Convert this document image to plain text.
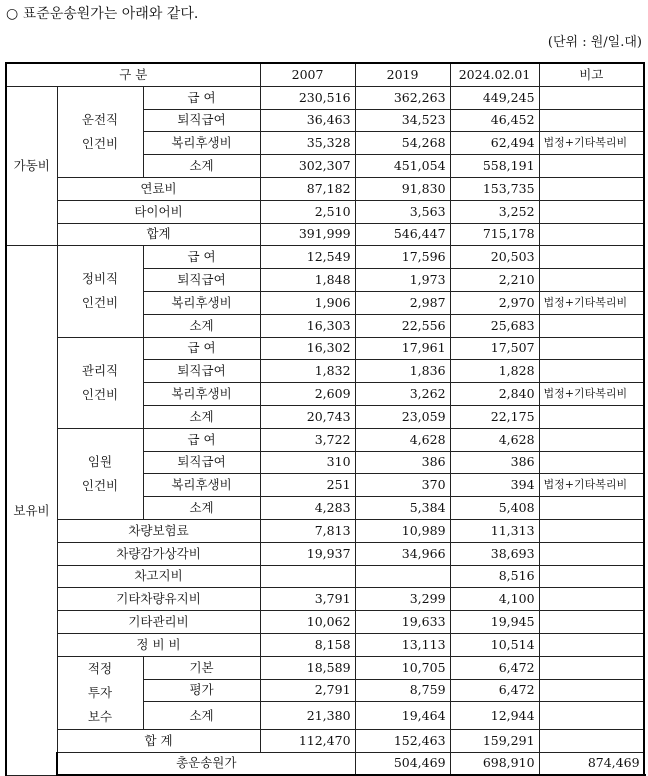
○ 표준운송원가는 아래와 같다.
(단위 : 원/일.대)
구 분			2007	2019	2024.02.01	비고	
가동비	운전직
인건비	급 여	230,516	362,263	449,245		
		퇴직급여	36,463	34,523	46,452		
		복리후생비	35,328	54,268	62,494	법정+기타복리비	
		소계	302,307	451,054	558,191		
	연료비		87,182	91,830	153,735		
	타이어비		2,510	3,563	3,252		
	합계		391,999	546,447	715,178		
보유비	정비직
인건비	급 여	12,549	17,596	20,503		
		퇴직급여	1,848	1,973	2,210		
		복리후생비	1,906	2,987	2,970	법정+기타복리비	
		소계	16,303	22,556	25,683		

	관리직
인건비	급 여	16,302	17,961	17,507		
		퇴직급여	1,832	1,836	1,828		
		복리후생비	2,609	3,262	2,840	법정+기타복리비	
		소계	20,743	23,059	22,175		

	임원
인건비	급 여	3,722	4,628	4,628		
		퇴직급여	310	386	386		
		복리후생비	251	370	394	법정+기타복리비	
		소계	4,283	5,384	5,408		
	차량보험료		7,813	10,989	11,313		
	차량감가상각비		19,937	34,966	38,693		
	차고지비				8,516		
	기타차량유지비		3,791	3,299	4,100		
	기타관리비		10,062	19,633	19,945		
	정 비 비		8,158	13,113	10,514		

	적정
투자
보수	기본	18,589	10,705	6,472		
		평가	2,791	8,759	6,472		
		소계	21,380	19,464	12,944		

	합 계		112,470	152,463	159,291		
	총운송원가			504,469	698,910	874,469	
